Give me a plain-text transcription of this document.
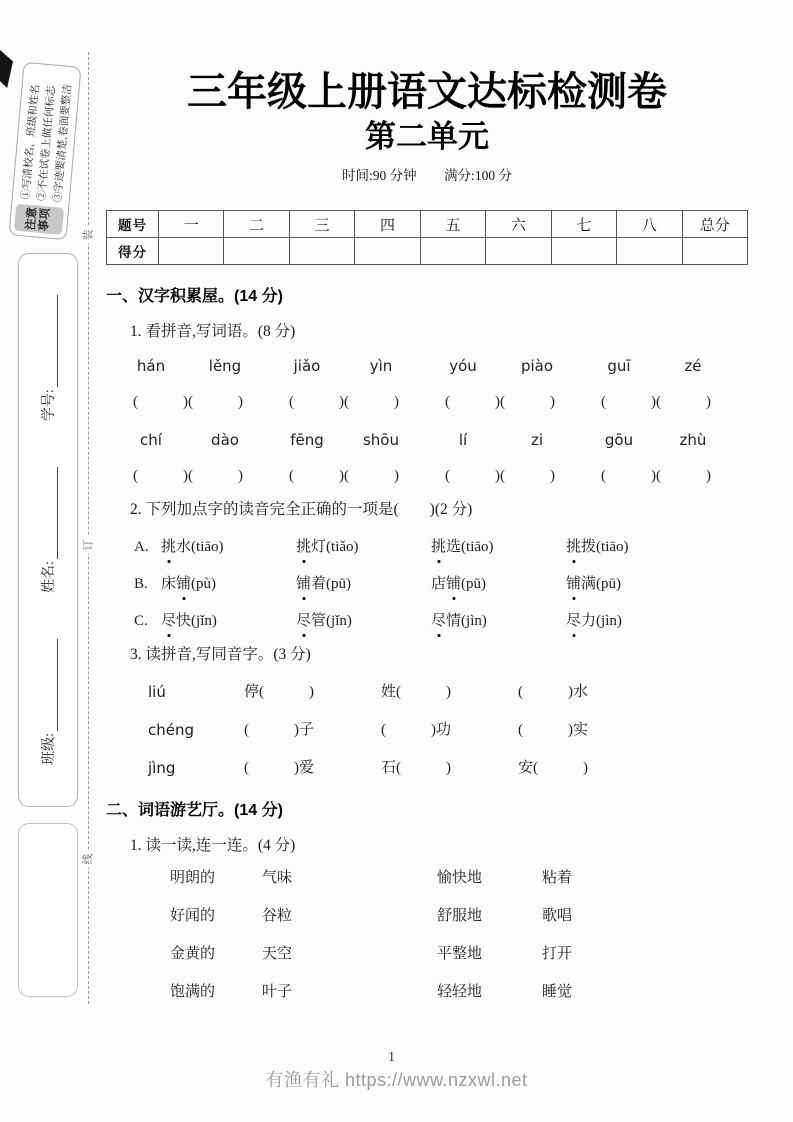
注意事项
①写清校名、班级和姓名
②不在试卷上做任何标志
③字迹要清楚,卷面要整洁
班级:
姓名:
学号:
装
订
线
三年级上册语文达标检测卷
第二单元
时间:90 分钟 满分:100 分
题号	一	二	三	四	五	六	七	八	总分
得分									
一、汉字积累屋。(14 分)
1. 看拼音,写词语。(8 分)
hán	lěng
(　　　)(　　　)
jiǎo	yìn
(　　　)(　　　)
yóu	piào
(　　　)(　　　)
guī	zé
(　　　)(　　　)
chí	dào
(　　　)(　　　)
fēng	shōu
(　　　)(　　　)
lí	zi
(　　　)(　　　)
gōu	zhù
(　　　)(　　　)
2. 下列加点字的读音完全正确的一项是(　　)(2 分)
A. 挑水(tiāo)	挑灯(tiǎo)	挑选(tiāo)	挑拨(tiāo)
B. 床铺(pù)	铺着(pū)	店铺(pū)	铺满(pū)
C. 尽快(jǐn)	尽管(jǐn)	尽情(jìn)	尽力(jìn)
3. 读拼音,写同音字。(3 分)
liú	停(　　　)	姓(　　　)	(　　　)水
chéng	(　　　)子	(　　　)功	(　　　)实
jìng	(　　　)爱	石(　　　)	安(　　　)
二、词语游艺厅。(14 分)
1. 读一读,连一连。(4 分)
明朗的	气味
好闻的	谷粒
金黄的	天空
饱满的	叶子
愉快地	粘着
舒服地	歌唱
平整地	打开
轻轻地	睡觉
1
有渔有礼 https://www.nzxwl.net
